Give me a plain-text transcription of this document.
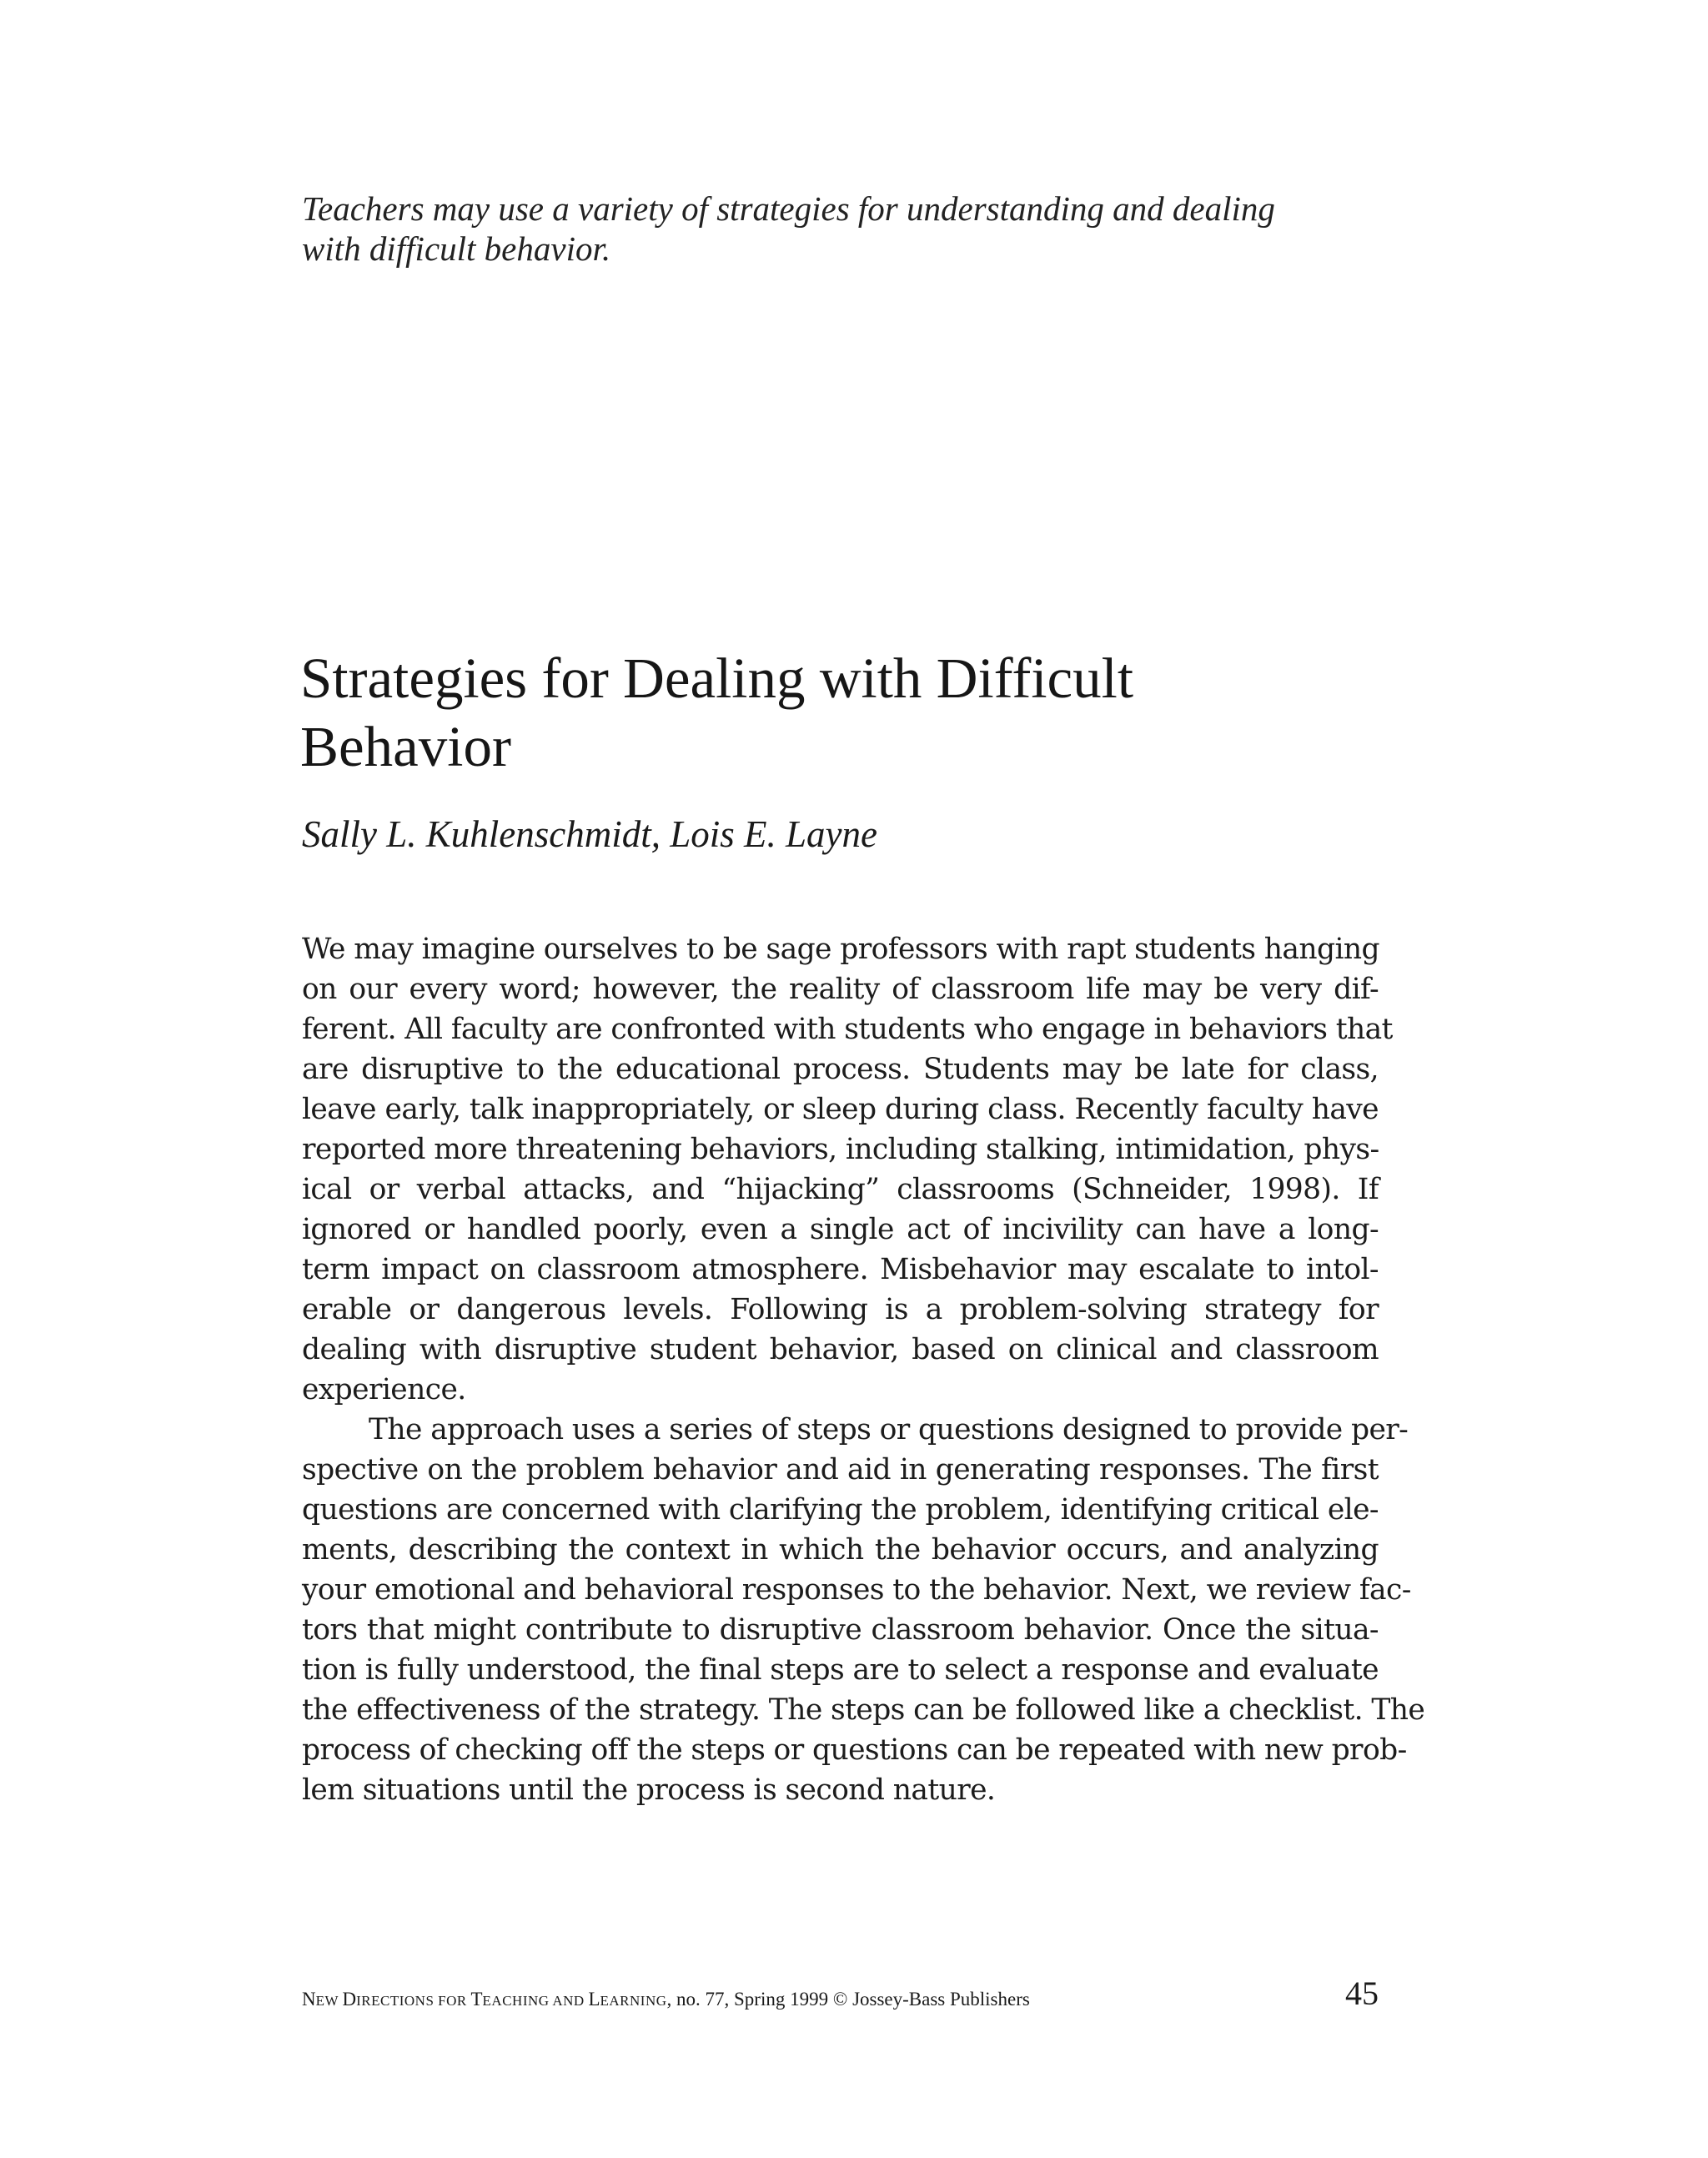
Teachers may use a variety of strategies for understanding and dealing
with difficult behavior.
Strategies for Dealing with Difficult
Behavior
Sally L. Kuhlenschmidt, Lois E. Layne
We may imagine ourselves to be sage professors with rapt students hanging
on our every word; however, the reality of classroom life may be very dif-
ferent. All faculty are confronted with students who engage in behaviors that
are disruptive to the educational process. Students may be late for class,
leave early, talk inappropriately, or sleep during class. Recently faculty have
reported more threatening behaviors, including stalking, intimidation, phys-
ical or verbal attacks, and “hijacking” classrooms (Schneider, 1998). If
ignored or handled poorly, even a single act of incivility can have a long-
term impact on classroom atmosphere. Misbehavior may escalate to intol-
erable or dangerous levels. Following is a problem-solving strategy for
dealing with disruptive student behavior, based on clinical and classroom
experience.
The approach uses a series of steps or questions designed to provide per-
spective on the problem behavior and aid in generating responses. The first
questions are concerned with clarifying the problem, identifying critical ele-
ments, describing the context in which the behavior occurs, and analyzing
your emotional and behavioral responses to the behavior. Next, we review fac-
tors that might contribute to disruptive classroom behavior. Once the situa-
tion is fully understood, the final steps are to select a response and evaluate
the effectiveness of the strategy. The steps can be followed like a checklist. The
process of checking off the steps or questions can be repeated with new prob-
lem situations until the process is second nature.
NEW DIRECTIONS FOR TEACHING AND LEARNING, no. 77, Spring 1999 © Jossey-Bass Publishers	45
